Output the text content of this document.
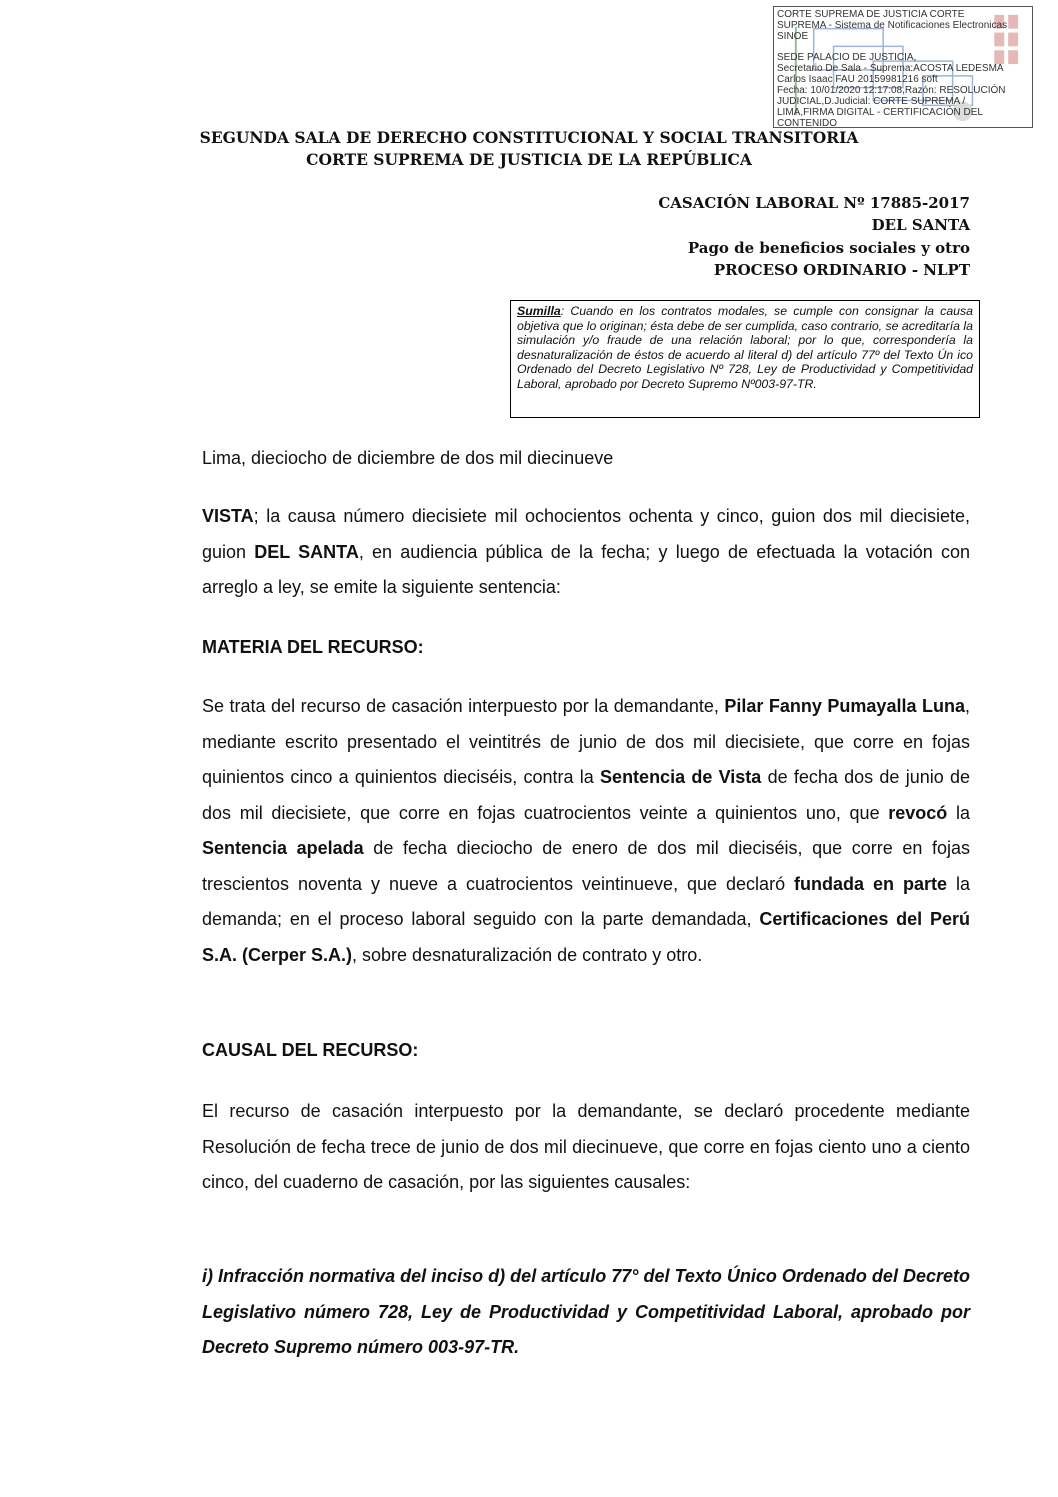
CORTE SUPREMA DE JUSTICIA CORTE
SUPREMA - Sistema de Notificaciones Electronicas
SINOE
SEDE PALACIO DE JUSTICIA,
Secretario De Sala - Suprema:ACOSTA LEDESMA
Carlos Isaac FAU 20159981216 soft
Fecha: 10/01/2020 12:17:08,Razón: RESOLUCIÓN
JUDICIAL,D.Judicial: CORTE SUPREMA /
LIMA,FIRMA DIGITAL - CERTIFICACIÓN DEL
CONTENIDO
SEGUNDA SALA DE DERECHO CONSTITUCIONAL Y SOCIAL TRANSITORIA
CORTE SUPREMA DE JUSTICIA DE LA REPÚBLICA
CASACIÓN LABORAL Nº 17885-2017
DEL SANTA
Pago de beneficios sociales y otro
PROCESO ORDINARIO - NLPT
Sumilla: Cuando en los contratos modales, se cumple con consignar la causa objetiva que lo originan; ésta debe de ser cumplida, caso contrario, se acreditaría la simulación y/o fraude de una relación laboral; por lo que, correspondería la desnaturalización de éstos de acuerdo al literal d) del artículo 77º del Texto Ún ico Ordenado del Decreto Legislativo Nº 728, Ley de Productividad y Competitividad Laboral, aprobado por Decreto Supremo Nº003-97-TR.
Lima, dieciocho de diciembre de dos mil diecinueve
VISTA; la causa número diecisiete mil ochocientos ochenta y cinco, guion dos mil diecisiete, guion DEL SANTA, en audiencia pública de la fecha; y luego de efectuada la votación con arreglo a ley, se emite la siguiente sentencia:
MATERIA DEL RECURSO:
Se trata del recurso de casación interpuesto por la demandante, Pilar Fanny Pumayalla Luna, mediante escrito presentado el veintitrés de junio de dos mil diecisiete, que corre en fojas quinientos cinco a quinientos dieciséis, contra la Sentencia de Vista de fecha dos de junio de dos mil diecisiete, que corre en fojas cuatrocientos veinte a quinientos uno, que revocó la Sentencia apelada de fecha dieciocho de enero de dos mil dieciséis, que corre en fojas trescientos noventa y nueve a cuatrocientos veintinueve, que declaró fundada en parte la demanda; en el proceso laboral seguido con la parte demandada, Certificaciones del Perú S.A. (Cerper S.A.), sobre desnaturalización de contrato y otro.
CAUSAL DEL RECURSO:
El recurso de casación interpuesto por la demandante, se declaró procedente mediante Resolución de fecha trece de junio de dos mil diecinueve, que corre en fojas ciento uno a ciento cinco, del cuaderno de casación, por las siguientes causales:
i) Infracción normativa del inciso d) del artículo 77° del Texto Único Ordenado del Decreto Legislativo número 728, Ley de Productividad y Competitividad Laboral, aprobado por Decreto Supremo número 003-97-TR.
